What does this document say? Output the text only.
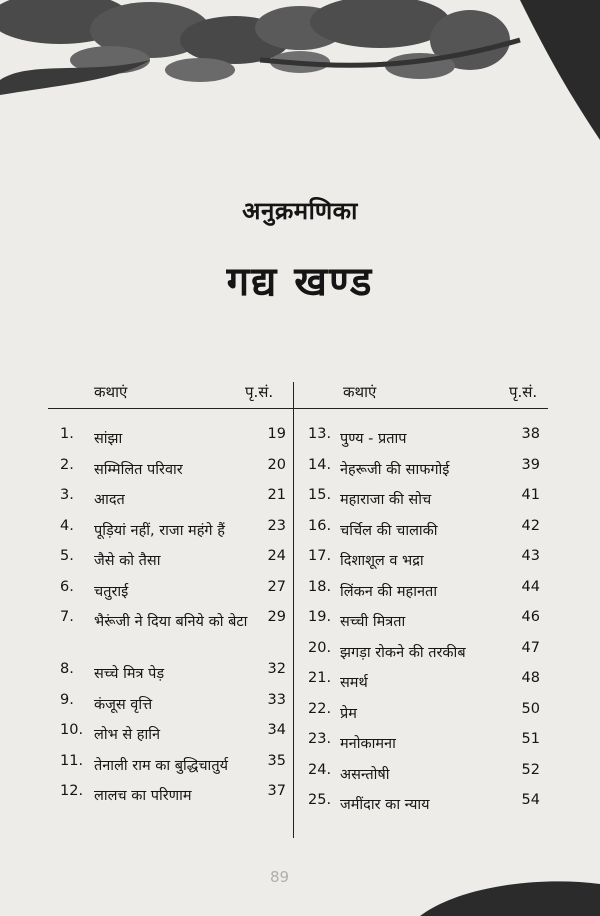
अनुक्रमणिका
गद्य खण्ड
कथाएं	पृ.सं.	कथाएं	पृ.सं.
1. सांझा	19
2. सम्मिलित परिवार	20
3. आदत	21
4. पूड़ियां नहीं, राजा महंगे हैं	23
5. जैसे को तैसा	24
6. चतुराई	27
7. भैरूंजी ने दिया बनिये को बेटा	29
8. सच्चे मित्र पेड़	32
9. कंजूस वृत्ति	33
10. लोभ से हानि	34
11. तेनाली राम का बुद्धिचातुर्य	35
12. लालच का परिणाम	37
13. पुण्य - प्रताप	38
14. नेहरूजी की साफगोई	39
15. महाराजा की सोच	41
16. चर्चिल की चालाकी	42
17. दिशाशूल व भद्रा	43
18. लिंकन की महानता	44
19. सच्ची मित्रता	46
20. झगड़ा रोकने की तरकीब	47
21. समर्थ	48
22. प्रेम	50
23. मनोकामना	51
24. असन्तोषी	52
25. जमींदार का न्याय	54
89
